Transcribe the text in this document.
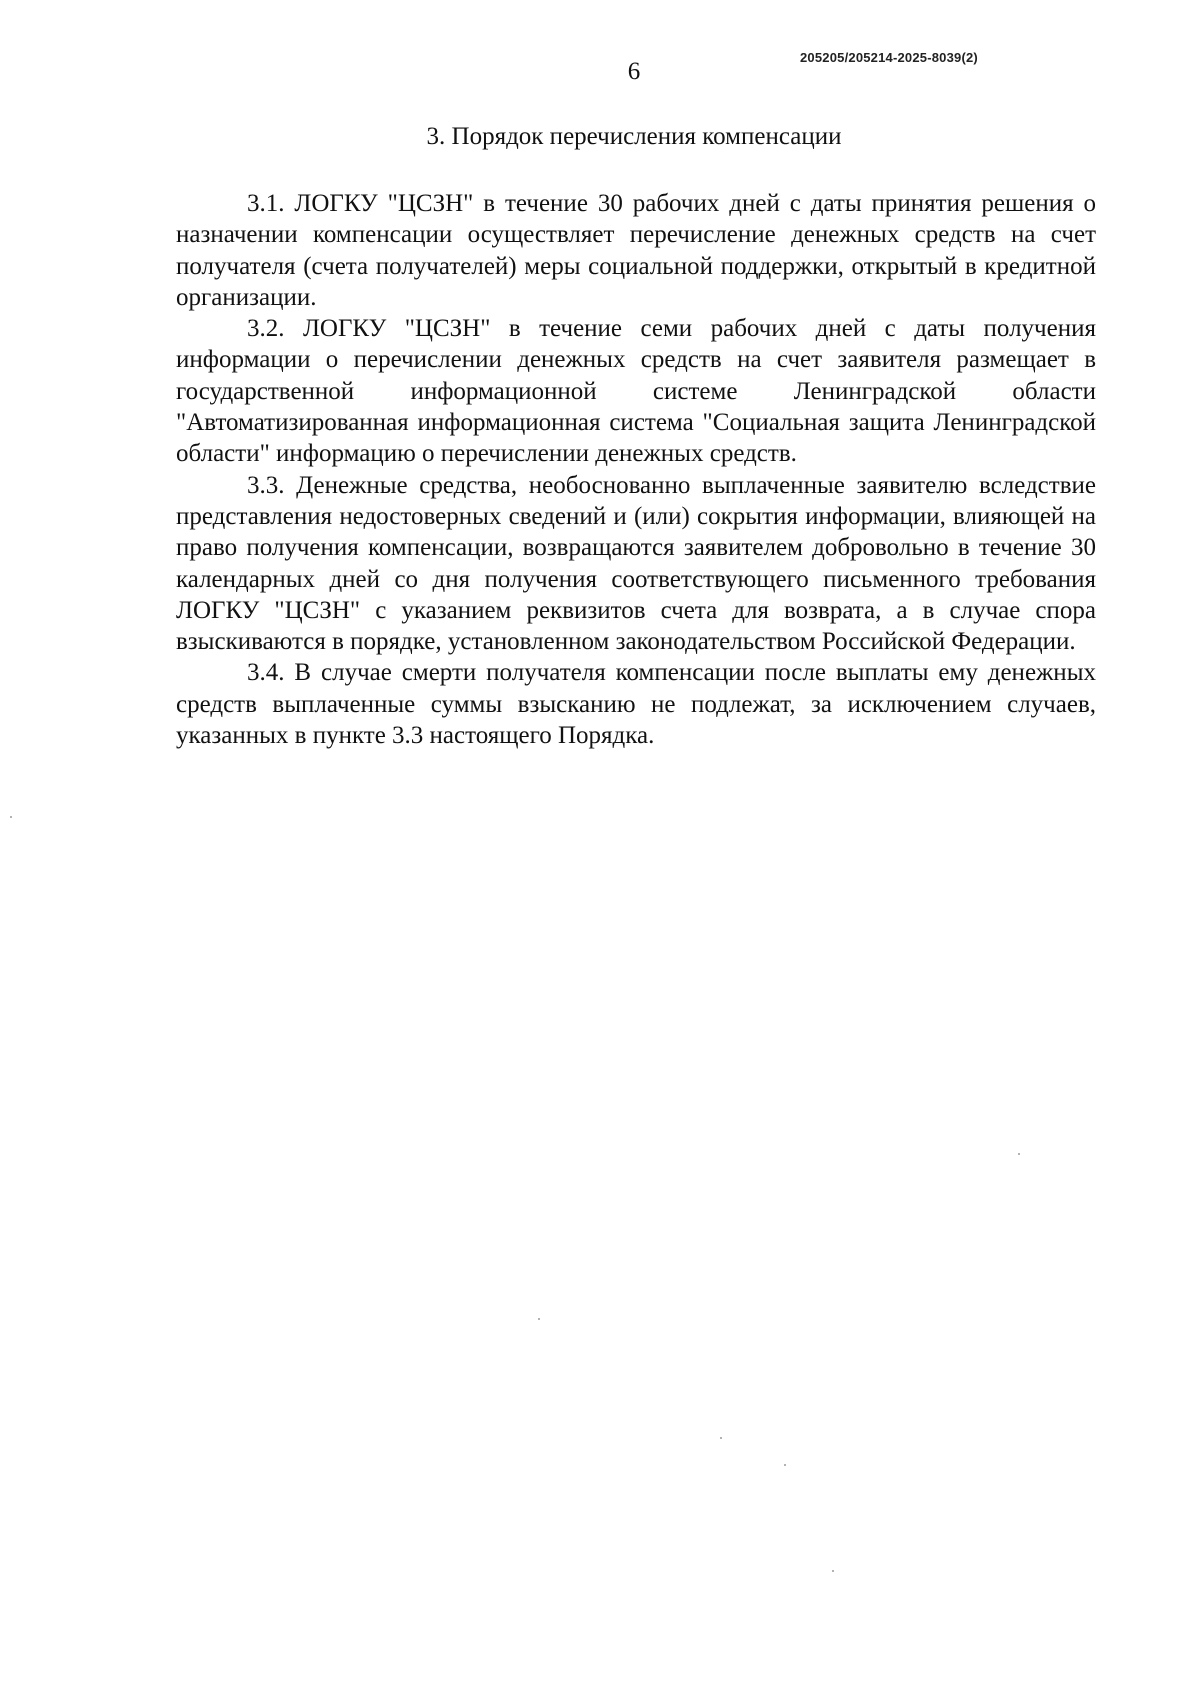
205205/205214-2025-8039(2)
6
3. Порядок перечисления компенсации

3.1. ЛОГКУ "ЦСЗН" в течение 30 рабочих дней с даты принятия решения о назначении компенсации осуществляет перечисление денежных средств на счет получателя (счета получателей) меры социальной поддержки, открытый в кредитной организации.

3.2. ЛОГКУ "ЦСЗН" в течение семи рабочих дней с даты получения информации о перечислении денежных средств на счет заявителя размещает в государственной информационной системе Ленинградской области "Автоматизированная информационная система "Социальная защита Ленинградской области" информацию о перечислении денежных средств.

3.3. Денежные средства, необоснованно выплаченные заявителю вследствие представления недостоверных сведений и (или) сокрытия информации, влияющей на право получения компенсации, возвращаются заявителем добровольно в течение 30 календарных дней со дня получения соответствующего письменного требования ЛОГКУ "ЦСЗН" с указанием реквизитов счета для возврата, а в случае спора взыскиваются в порядке, установленном законодательством Российской Федерации.

3.4. В случае смерти получателя компенсации после выплаты ему денежных средств выплаченные суммы взысканию не подлежат, за исключением случаев, указанных в пункте 3.3 настоящего Порядка.
